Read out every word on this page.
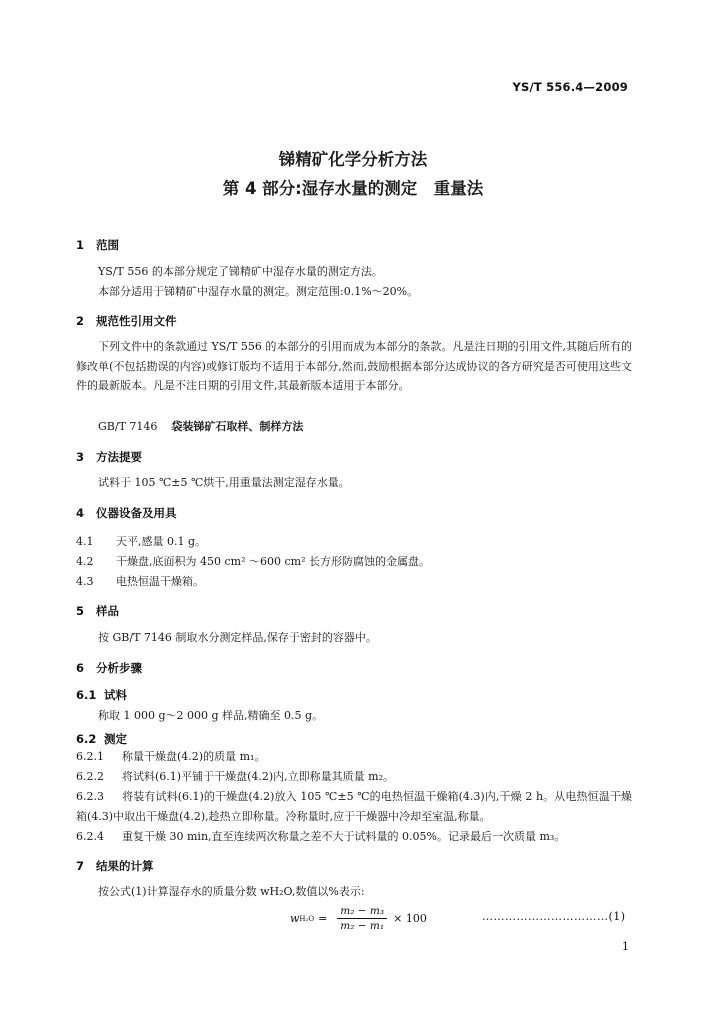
YS/T 556.4—2009
锑精矿化学分析方法
第 4 部分:湿存水量的测定　重量法
1 范围
YS/T 556 的本部分规定了锑精矿中湿存水量的测定方法。
本部分适用于锑精矿中湿存水量的测定。测定范围:0.1%～20%。
2 规范性引用文件
下列文件中的条款通过 YS/T 556 的本部分的引用而成为本部分的条款。凡是注日期的引用文件,其随后所有的修改单(不包括勘误的内容)或修订版均不适用于本部分,然而,鼓励根据本部分达成协议的各方研究是否可使用这些文件的最新版本。凡是不注日期的引用文件,其最新版本适用于本部分。
GB/T 7146 袋装锑矿石取样、制样方法
3 方法提要
试料于 105 ℃±5 ℃烘干,用重量法测定湿存水量。
4 仪器设备及用具
4.1 天平,感量 0.1 g。
4.2 干燥盘,底面积为 450 cm² ～600 cm² 长方形防腐蚀的金属盘。
4.3 电热恒温干燥箱。
5 样品
按 GB/T 7146 制取水分测定样品,保存于密封的容器中。
6 分析步骤
6.1 试料
称取 1 000 g～2 000 g 样品,精确至 0.5 g。
6.2 测定
6.2.1 称量干燥盘(4.2)的质量 m₁。
6.2.2 将试料(6.1)平铺于干燥盘(4.2)内,立即称量其质量 m₂。
6.2.3 将装有试料(6.1)的干燥盘(4.2)放入 105 ℃±5 ℃的电热恒温干燥箱(4.3)内,干燥 2 h。从电热恒温干燥箱(4.3)中取出干燥盘(4.2),趁热立即称量。冷称量时,应于干燥器中冷却至室温,称量。
6.2.4 重复干燥 30 min,直至连续两次称量之差不大于试料量的 0.05%。记录最后一次质量 m₃。
7 结果的计算
按公式(1)计算湿存水的质量分数 wH₂O,数值以%表示:
w $H_2O = \frac{\text{m₂ − m₃}}{\text{m₂ − m₁}} \times 100$	……………………………(1)
1
